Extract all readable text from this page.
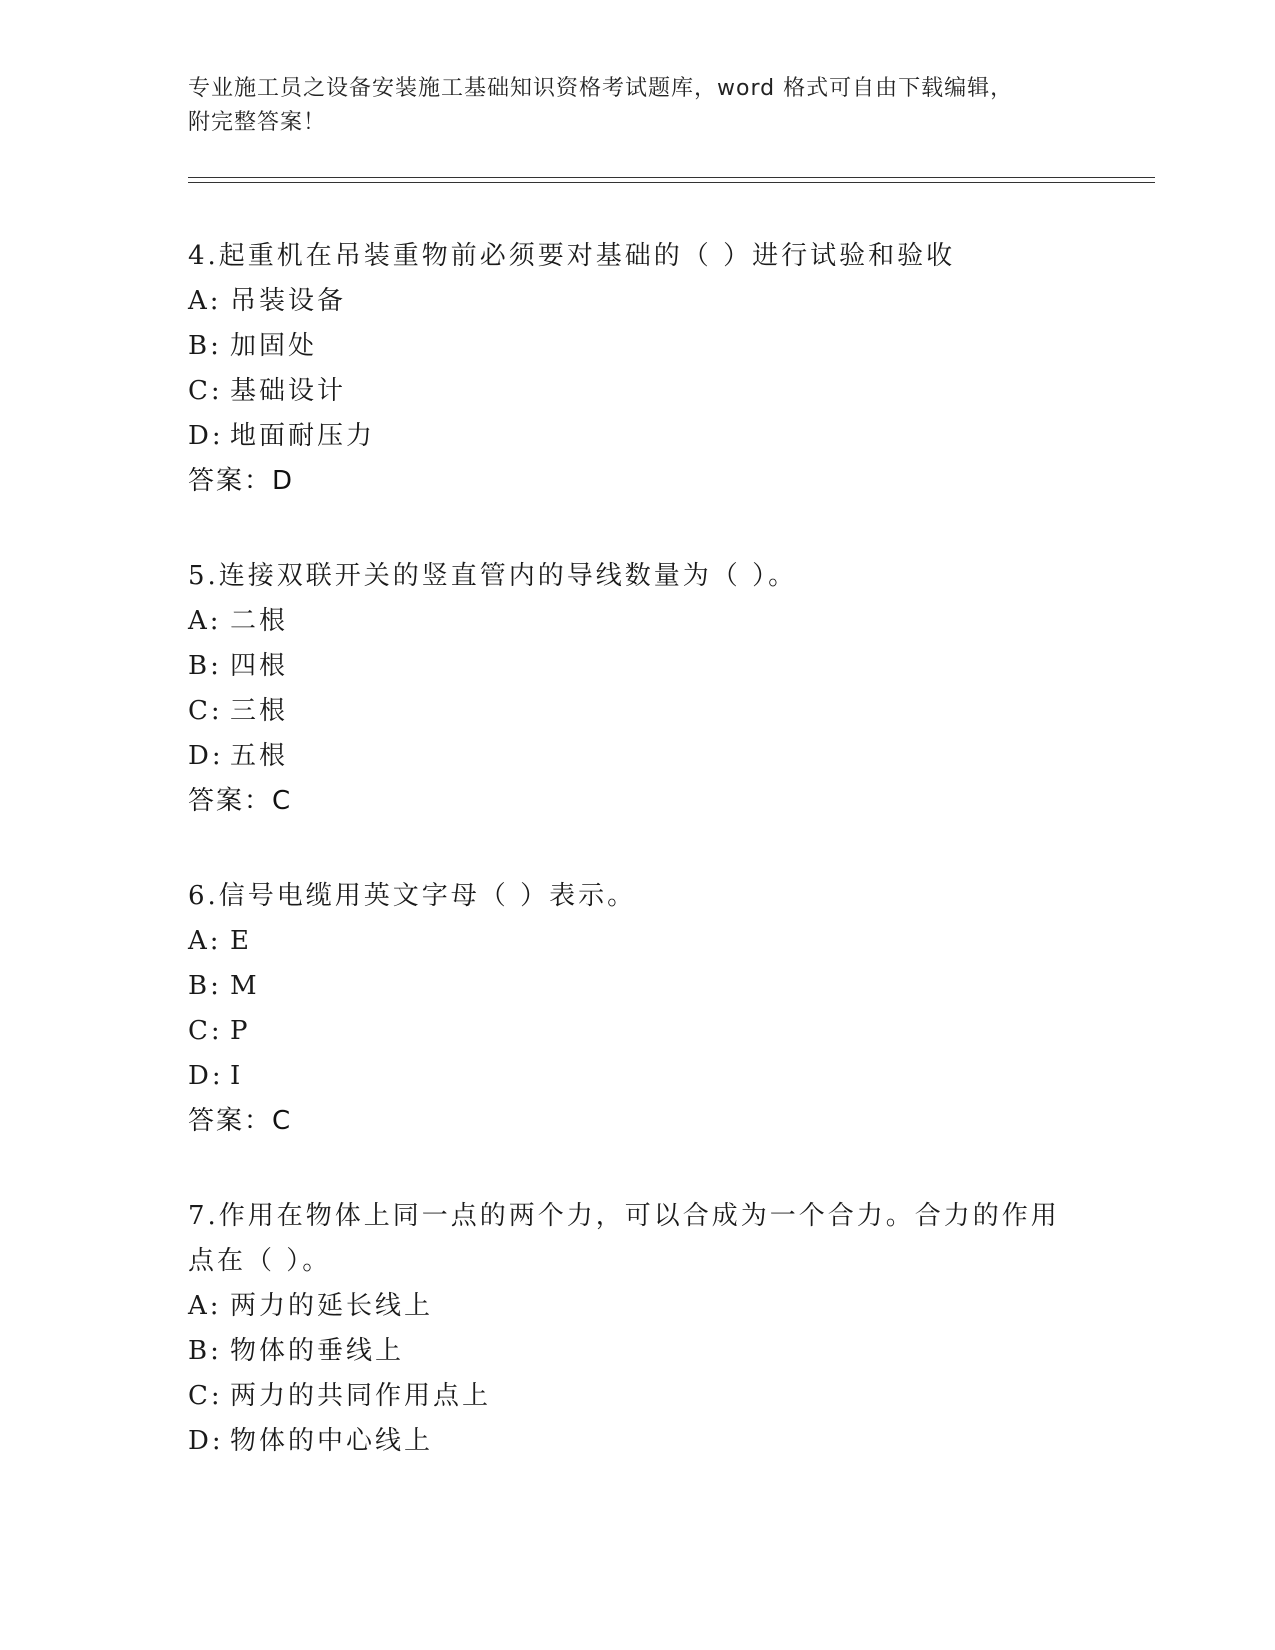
专业施工员之设备安装施工基础知识资格考试题库，word 格式可自由下载编辑，
附完整答案！
4.起重机在吊装重物前必须要对基础的（ ）进行试验和验收
A: 吊装设备
B: 加固处
C: 基础设计
D: 地面耐压力
答案：D
5.连接双联开关的竖直管内的导线数量为（ ）。
A: 二根
B: 四根
C: 三根
D: 五根
答案：C
6.信号电缆用英文字母（ ）表示。
A: E
B: M
C: P
D: I
答案：C
7.作用在物体上同一点的两个力，可以合成为一个合力。合力的作用
点在（ ）。
A: 两力的延长线上
B: 物体的垂线上
C: 两力的共同作用点上
D: 物体的中心线上
